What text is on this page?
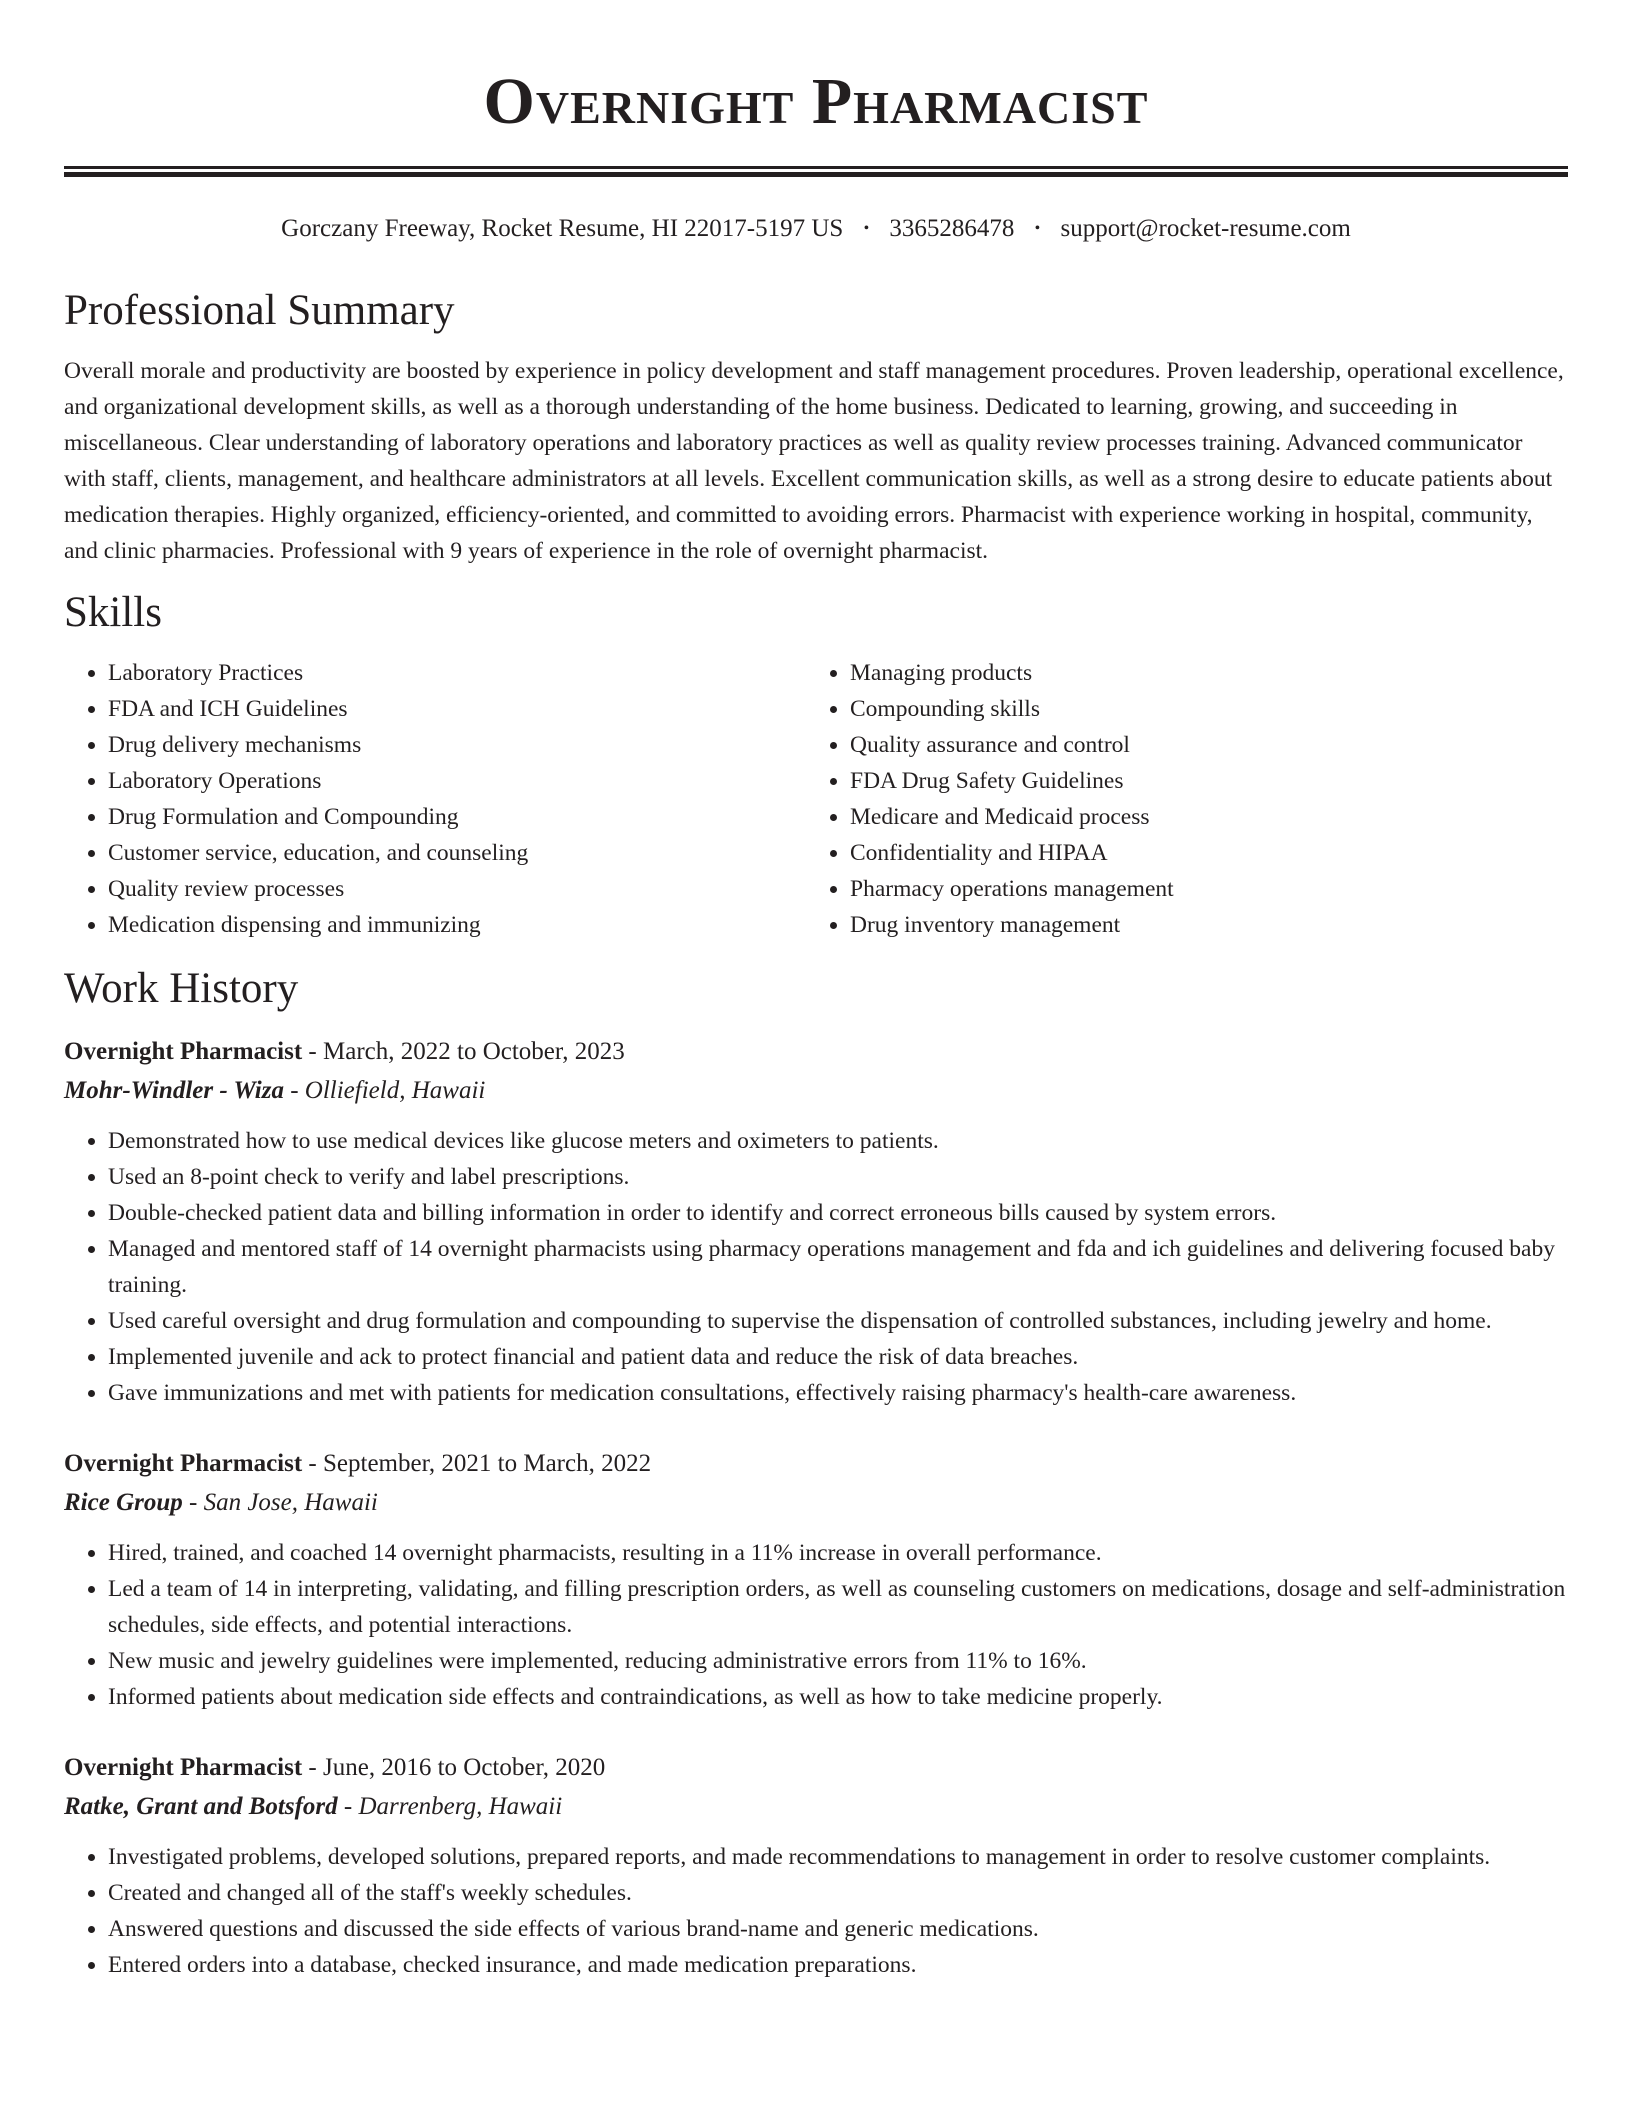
Overnight Pharmacist
Gorczany Freeway, Rocket Resume, HI 22017-5197 US • 3365286478 • support@rocket-resume.com
Professional Summary

Overall morale and productivity are boosted by experience in policy development and staff management procedures. Proven leadership, operational excellence, and organizational development skills, as well as a thorough understanding of the home business. Dedicated to learning, growing, and succeeding in miscellaneous. Clear understanding of laboratory operations and laboratory practices as well as quality review processes training. Advanced communicator with staff, clients, management, and healthcare administrators at all levels. Excellent communication skills, as well as a strong desire to educate patients about medication therapies. Highly organized, efficiency-oriented, and committed to avoiding errors. Pharmacist with experience working in hospital, community, and clinic pharmacies. Professional with 9 years of experience in the role of overnight pharmacist.

Skills
• Laboratory Practices
• FDA and ICH Guidelines
• Drug delivery mechanisms
• Laboratory Operations
• Drug Formulation and Compounding
• Customer service, education, and counseling
• Quality review processes
• Medication dispensing and immunizing
• Managing products
• Compounding skills
• Quality assurance and control
• FDA Drug Safety Guidelines
• Medicare and Medicaid process
• Confidentiality and HIPAA
• Pharmacy operations management
• Drug inventory management
Work History
Overnight Pharmacist - March, 2022 to October, 2023
Mohr-Windler - Wiza - Olliefield, Hawaii
• Demonstrated how to use medical devices like glucose meters and oximeters to patients.
• Used an 8-point check to verify and label prescriptions.
• Double-checked patient data and billing information in order to identify and correct erroneous bills caused by system errors.
• Managed and mentored staff of 14 overnight pharmacists using pharmacy operations management and fda and ich guidelines and delivering focused baby training.
• Used careful oversight and drug formulation and compounding to supervise the dispensation of controlled substances, including jewelry and home.
• Implemented juvenile and ack to protect financial and patient data and reduce the risk of data breaches.
• Gave immunizations and met with patients for medication consultations, effectively raising pharmacy's health-care awareness.
Overnight Pharmacist - September, 2021 to March, 2022
Rice Group - San Jose, Hawaii
• Hired, trained, and coached 14 overnight pharmacists, resulting in a 11% increase in overall performance.
• Led a team of 14 in interpreting, validating, and filling prescription orders, as well as counseling customers on medications, dosage and self-administration schedules, side effects, and potential interactions.
• New music and jewelry guidelines were implemented, reducing administrative errors from 11% to 16%.
• Informed patients about medication side effects and contraindications, as well as how to take medicine properly.
Overnight Pharmacist - June, 2016 to October, 2020
Ratke, Grant and Botsford - Darrenberg, Hawaii
• Investigated problems, developed solutions, prepared reports, and made recommendations to management in order to resolve customer complaints.
• Created and changed all of the staff's weekly schedules.
• Answered questions and discussed the side effects of various brand-name and generic medications.
• Entered orders into a database, checked insurance, and made medication preparations.
